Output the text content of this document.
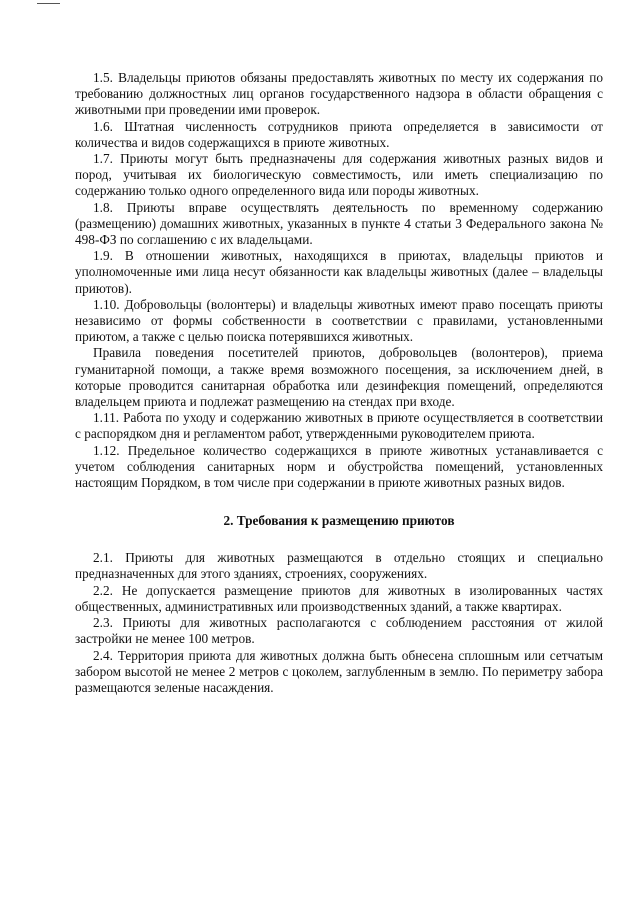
1.5. Владельцы приютов обязаны предоставлять животных по месту их содержания по требованию должностных лиц органов государственного надзора в области обращения с животными при проведении ими проверок.

1.6. Штатная численность сотрудников приюта определяется в зависимости от количества и видов содержащихся в приюте животных.

1.7. Приюты могут быть предназначены для содержания животных разных видов и пород, учитывая их биологическую совместимость, или иметь специализацию по содержанию только одного определенного вида или породы животных.

1.8. Приюты вправе осуществлять деятельность по временному содержанию (размещению) домашних животных, указанных в пункте 4 статьи 3 Федерального закона № 498-ФЗ по соглашению с их владельцами.

1.9. В отношении животных, находящихся в приютах, владельцы приютов и уполномоченные ими лица несут обязанности как владельцы животных (далее – владельцы приютов).

1.10. Добровольцы (волонтеры) и владельцы животных имеют право посещать приюты независимо от формы собственности в соответствии с правилами, установленными приютом, а также с целью поиска потерявшихся животных.

Правила поведения посетителей приютов, добровольцев (волонтеров), приема гуманитарной помощи, а также время возможного посещения, за исключением дней, в которые проводится санитарная обработка или дезинфекция помещений, определяются владельцем приюта и подлежат размещению на стендах при входе.

1.11. Работа по уходу и содержанию животных в приюте осуществляется в соответствии с распорядком дня и регламентом работ, утвержденными руководителем приюта.

1.12. Предельное количество содержащихся в приюте животных устанавливается с учетом соблюдения санитарных норм и обустройства помещений, установленных настоящим Порядком, в том числе при содержании в приюте животных разных видов.

2. Требования к размещению приютов

2.1. Приюты для животных размещаются в отдельно стоящих и специально предназначенных для этого зданиях, строениях, сооружениях.

2.2. Не допускается размещение приютов для животных в изолированных частях общественных, административных или производственных зданий, а также квартирах.

2.3. Приюты для животных располагаются с соблюдением расстояния от жилой застройки не менее 100 метров.

2.4. Территория приюта для животных должна быть обнесена сплошным или сетчатым забором высотой не менее 2 метров с цоколем, заглубленным в землю. По периметру забора размещаются зеленые насаждения.
